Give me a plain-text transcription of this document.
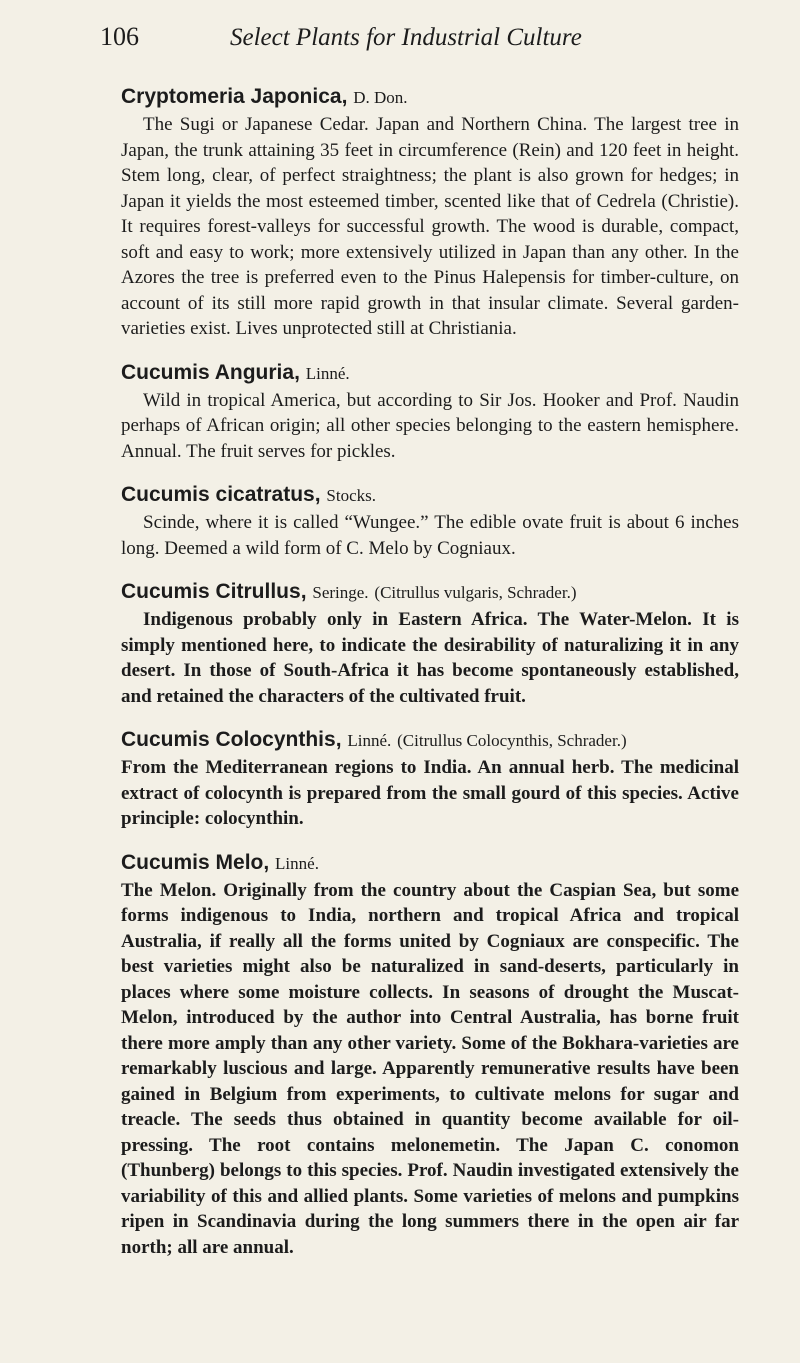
106	Select Plants for Industrial Culture
Cryptomeria Japonica, D. Don.

The Sugi or Japanese Cedar. Japan and Northern China. The largest tree in Japan, the trunk attaining 35 feet in circumference (Rein) and 120 feet in height. Stem long, clear, of perfect straightness; the plant is also grown for hedges; in Japan it yields the most esteemed timber, scented like that of Cedrela (Christie). It requires forest-valleys for successful growth. The wood is durable, compact, soft and easy to work; more extensively utilized in Japan than any other. In the Azores the tree is preferred even to the Pinus Halepensis for timber-culture, on account of its still more rapid growth in that insular climate. Several garden-varieties exist. Lives unprotected still at Christiania.

Cucumis Anguria, Linné.

Wild in tropical America, but according to Sir Jos. Hooker and Prof. Naudin perhaps of African origin; all other species belonging to the eastern hemisphere. Annual. The fruit serves for pickles.

Cucumis cicatratus, Stocks.

Scinde, where it is called “Wungee.” The edible ovate fruit is about 6 inches long. Deemed a wild form of C. Melo by Cogniaux.

Cucumis Citrullus, Seringe. (Citrullus vulgaris, Schrader.)

Indigenous probably only in Eastern Africa. The Water-Melon. It is simply mentioned here, to indicate the desirability of naturalizing it in any desert. In those of South-Africa it has become spontaneously established, and retained the characters of the cultivated fruit.

Cucumis Colocynthis, Linné. (Citrullus Colocynthis, Schrader.)

From the Mediterranean regions to India. An annual herb. The medicinal extract of colocynth is prepared from the small gourd of this species. Active principle: colocynthin.

Cucumis Melo, Linné.

The Melon. Originally from the country about the Caspian Sea, but some forms indigenous to India, northern and tropical Africa and tropical Australia, if really all the forms united by Cogniaux are conspecific. The best varieties might also be naturalized in sand-deserts, particularly in places where some moisture collects. In seasons of drought the Muscat-Melon, introduced by the author into Central Australia, has borne fruit there more amply than any other variety. Some of the Bokhara-varieties are remarkably luscious and large. Apparently remunerative results have been gained in Belgium from experiments, to cultivate melons for sugar and treacle. The seeds thus obtained in quantity become available for oil-pressing. The root contains melonemetin. The Japan C. conomon (Thunberg) belongs to this species. Prof. Naudin investigated extensively the variability of this and allied plants. Some varieties of melons and pumpkins ripen in Scandinavia during the long summers there in the open air far north; all are annual.
